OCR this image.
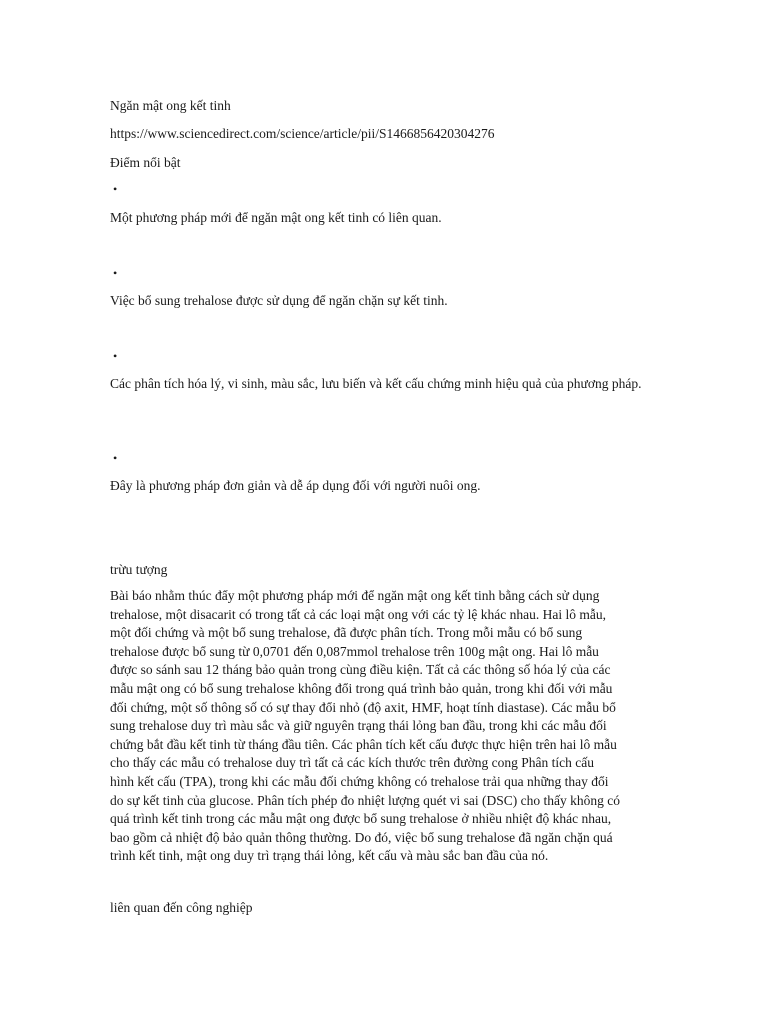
Ngăn mật ong kết tinh
https://www.sciencedirect.com/science/article/pii/S1466856420304276
Điểm nổi bật
•
Một phương pháp mới để ngăn mật ong kết tinh có liên quan.
•
Việc bổ sung trehalose được sử dụng để ngăn chặn sự kết tinh.
•
Các phân tích hóa lý, vi sinh, màu sắc, lưu biến và kết cấu chứng minh hiệu quả của phương pháp.
•
Đây là phương pháp đơn giản và dễ áp dụng đối với người nuôi ong.
trừu tượng
Bài báo nhằm thúc đẩy một phương pháp mới để ngăn mật ong kết tinh bằng cách sử dụng
trehalose, một disacarit có trong tất cả các loại mật ong với các tỷ lệ khác nhau. Hai lô mẫu,
một đối chứng và một bổ sung trehalose, đã được phân tích. Trong mỗi mẫu có bổ sung
trehalose được bổ sung từ 0,0701 đến 0,087mmol trehalose trên 100g mật ong. Hai lô mẫu
được so sánh sau 12 tháng bảo quản trong cùng điều kiện. Tất cả các thông số hóa lý của các
mẫu mật ong có bổ sung trehalose không đổi trong quá trình bảo quản, trong khi đối với mẫu
đối chứng, một số thông số có sự thay đổi nhỏ (độ axit, HMF, hoạt tính diastase). Các mẫu bổ
sung trehalose duy trì màu sắc và giữ nguyên trạng thái lỏng ban đầu, trong khi các mẫu đối
chứng bắt đầu kết tinh từ tháng đầu tiên. Các phân tích kết cấu được thực hiện trên hai lô mẫu
cho thấy các mẫu có trehalose duy trì tất cả các kích thước trên đường cong Phân tích cấu
hình kết cấu (TPA), trong khi các mẫu đối chứng không có trehalose trải qua những thay đổi
do sự kết tinh của glucose. Phân tích phép đo nhiệt lượng quét vi sai (DSC) cho thấy không có
quá trình kết tinh trong các mẫu mật ong được bổ sung trehalose ở nhiều nhiệt độ khác nhau,
bao gồm cả nhiệt độ bảo quản thông thường. Do đó, việc bổ sung trehalose đã ngăn chặn quá
trình kết tinh, mật ong duy trì trạng thái lỏng, kết cấu và màu sắc ban đầu của nó.
liên quan đến công nghiệp
